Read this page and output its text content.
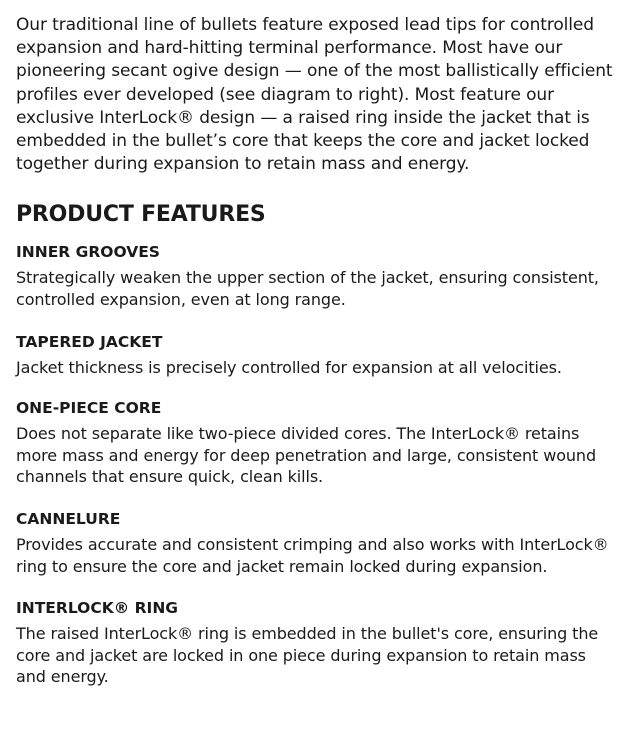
Our traditional line of bullets feature exposed lead tips for controlled
expansion and hard-hitting terminal performance. Most have our
pioneering secant ogive design — one of the most ballistically efficient
profiles ever developed (see diagram to right). Most feature our
exclusive InterLock® design — a raised ring inside the jacket that is
embedded in the bullet’s core that keeps the core and jacket locked
together during expansion to retain mass and energy.

PRODUCT FEATURES
INNER GROOVES

Strategically weaken the upper section of the jacket, ensuring consistent,
controlled expansion, even at long range.

TAPERED JACKET

Jacket thickness is precisely controlled for expansion at all velocities.

ONE-PIECE CORE

Does not separate like two-piece divided cores. The InterLock® retains
more mass and energy for deep penetration and large, consistent wound
channels that ensure quick, clean kills.

CANNELURE

Provides accurate and consistent crimping and also works with InterLock®
ring to ensure the core and jacket remain locked during expansion.

INTERLOCK® RING

The raised InterLock® ring is embedded in the bullet's core, ensuring the
core and jacket are locked in one piece during expansion to retain mass
and energy.
